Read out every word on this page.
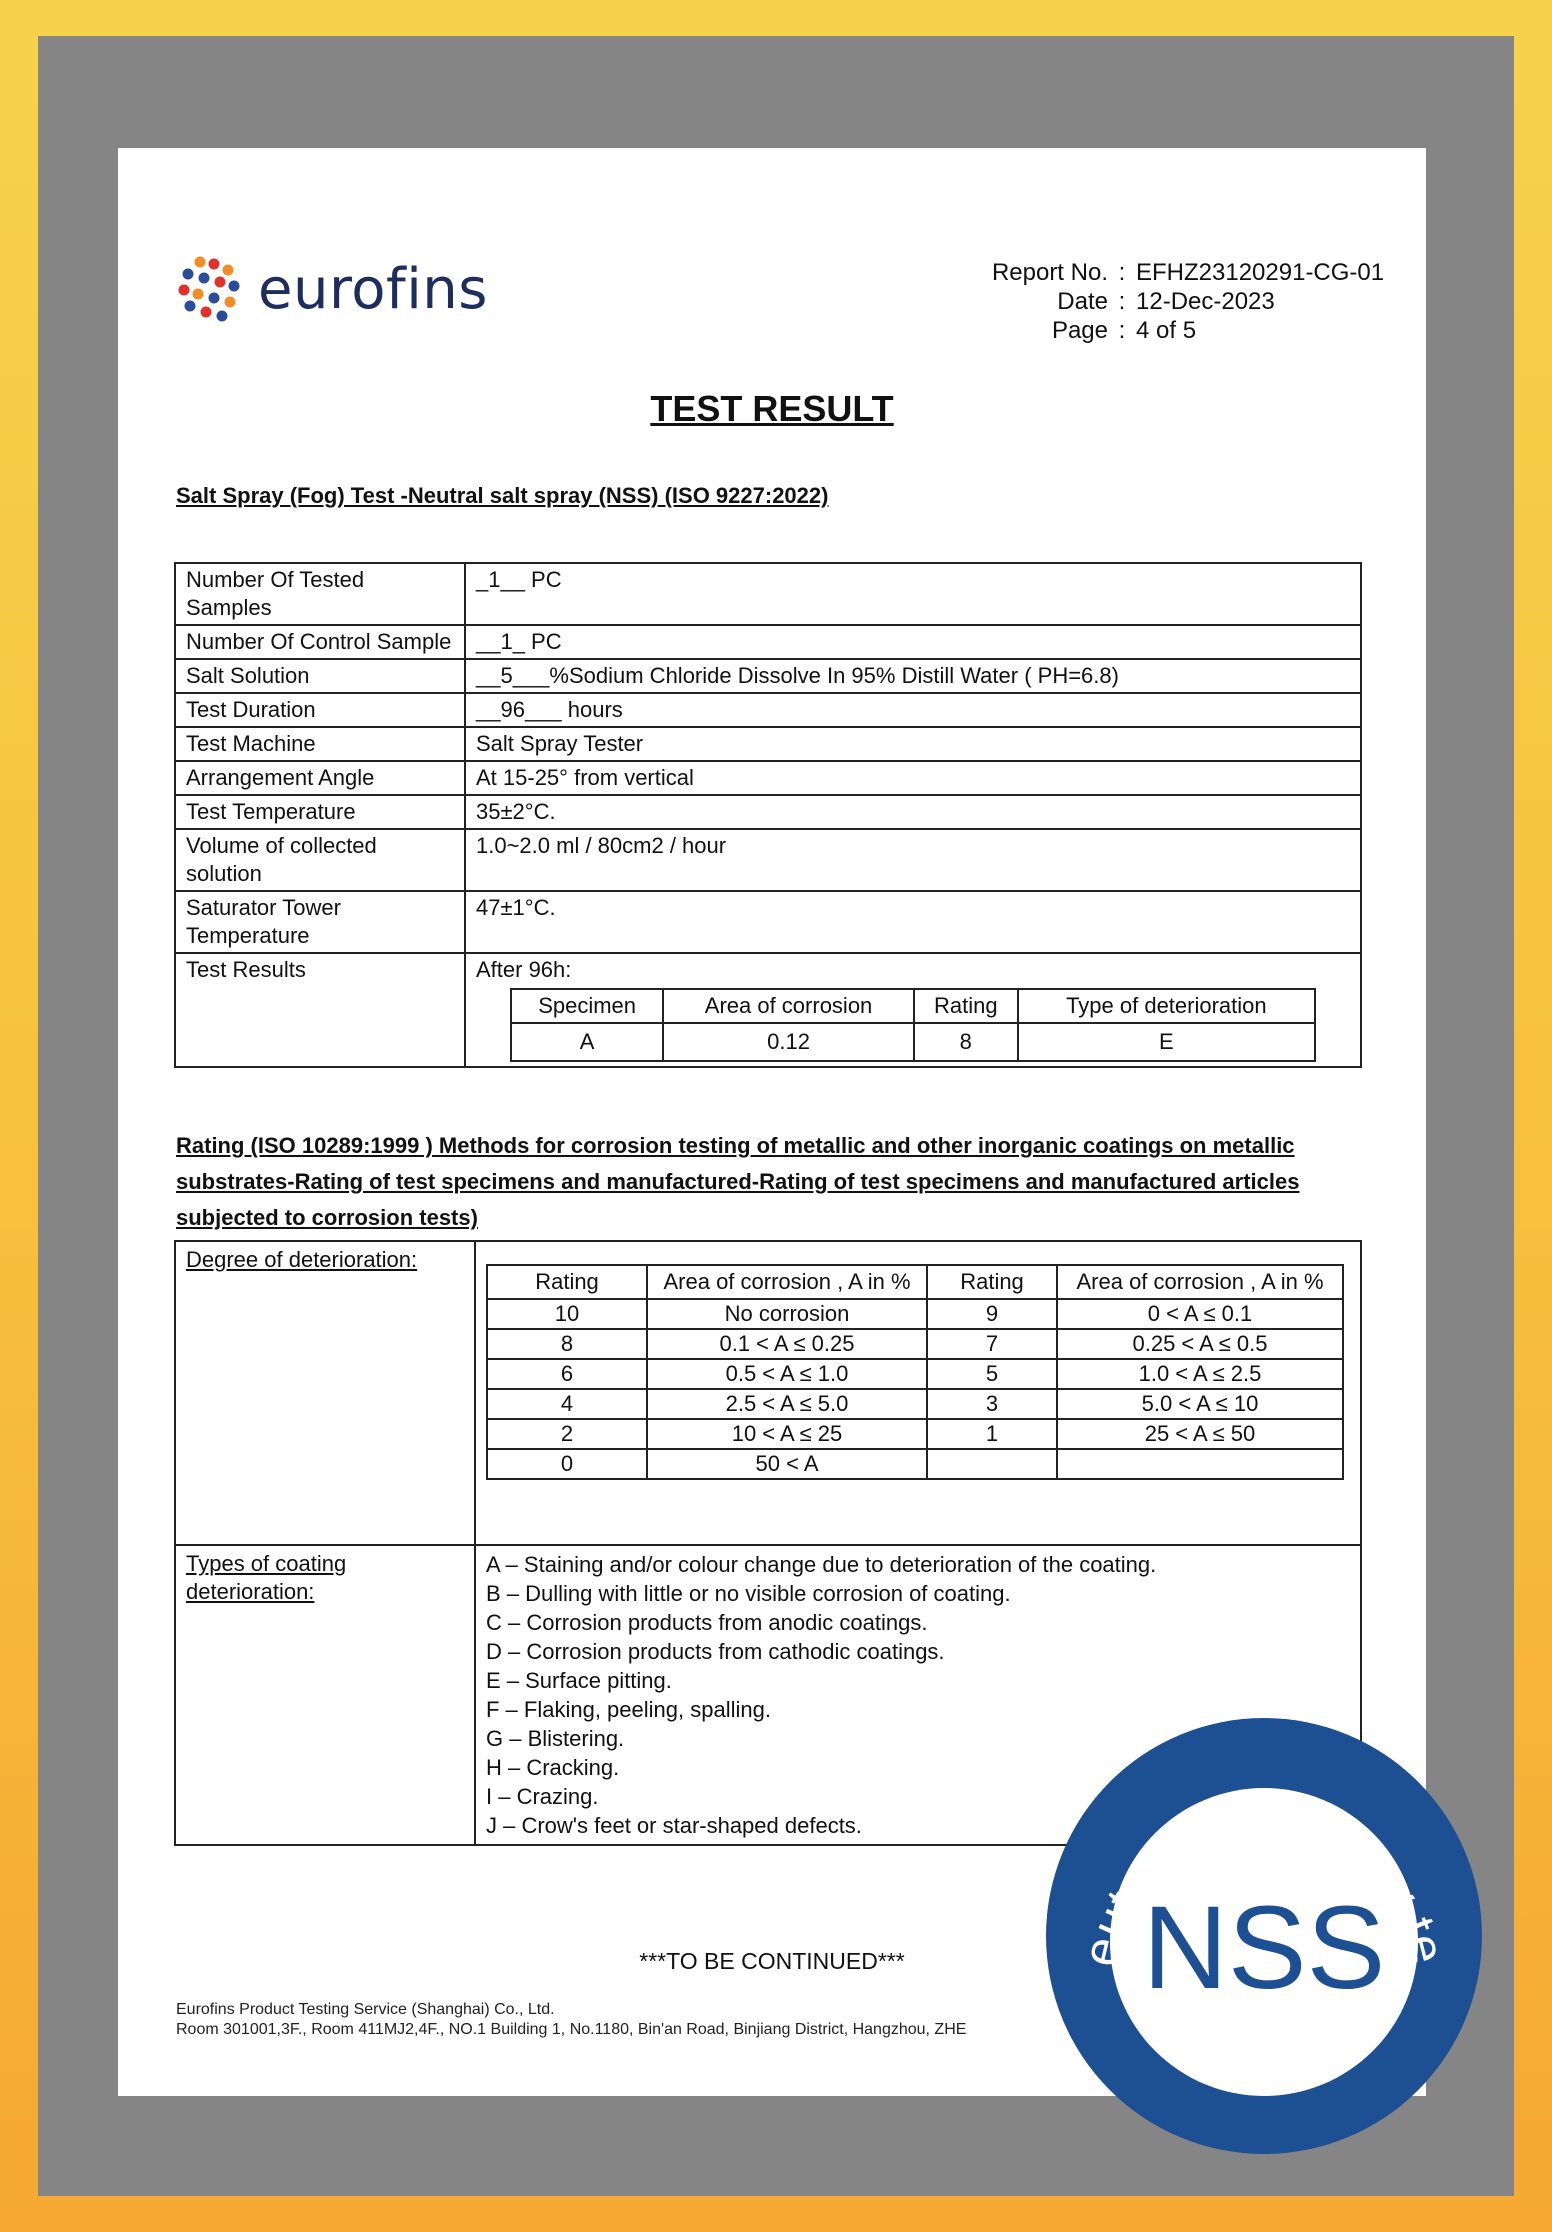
eurofins	Report No. : EFHZ23120291-CG-01
Date : 12-Dec-2023
Page : 4 of 5
TEST RESULT
Salt Spray (Fog) Test -Neutral salt spray (NSS) (ISO 9227:2022)
Number Of Tested Samples	_1__ PC
Number Of Control Sample	__1_ PC
Salt Solution	__5___%Sodium Chloride Dissolve In 95% Distill Water ( PH=6.8)
Test Duration	__96___ hours
Test Machine	Salt Spray Tester
Arrangement Angle	At 15-25° from vertical
Test Temperature	35±2°C.
Volume of collected solution	1.0~2.0 ml / 80cm2 / hour
Saturator Tower Temperature	47±1°C.
Test Results	After 96h:
Specimen	Area of corrosion	Rating	Type of deterioration
A	0.12	8	E
Rating (ISO 10289:1999 ) Methods for corrosion testing of metallic and other inorganic coatings on metallic substrates-Rating of test specimens and manufactured-Rating of test specimens and manufactured articles subjected to corrosion tests)
Degree of deterioration:	
Rating	Area of corrosion , A in %	Rating	Area of corrosion , A in %
10	No corrosion	9	0 < A ≤ 0.1
8	0.1 < A ≤ 0.25	7	0.25 < A ≤ 0.5
6	0.5 < A ≤ 1.0	5	1.0 < A ≤ 2.5
4	2.5 < A ≤ 5.0	3	5.0 < A ≤ 10
2	10 < A ≤ 25	1	25 < A ≤ 50
0	50 < A		

Types of coating deterioration:	
A – Staining and/or colour change due to deterioration of the coating.
B – Dulling with little or no visible corrosion of coating.
C – Corrosion products from anodic coatings.
D – Corrosion products from cathodic coatings.
E – Surface pitting.
F – Flaking, peeling, spalling.
G – Blistering.
H – Cracking.
I – Crazing.
J – Crow's feet or star-shaped defects.
***TO BE CONTINUED***
Eurofins Product Testing Service (Shanghai) Co., Ltd.
Room 301001,3F., Room 411MJ2,4F., NO.1 Building 1, No.1180, Bin'an Road, Binjiang District, Hangzhou, ZHE
eutral Salt Spray te
NSS
